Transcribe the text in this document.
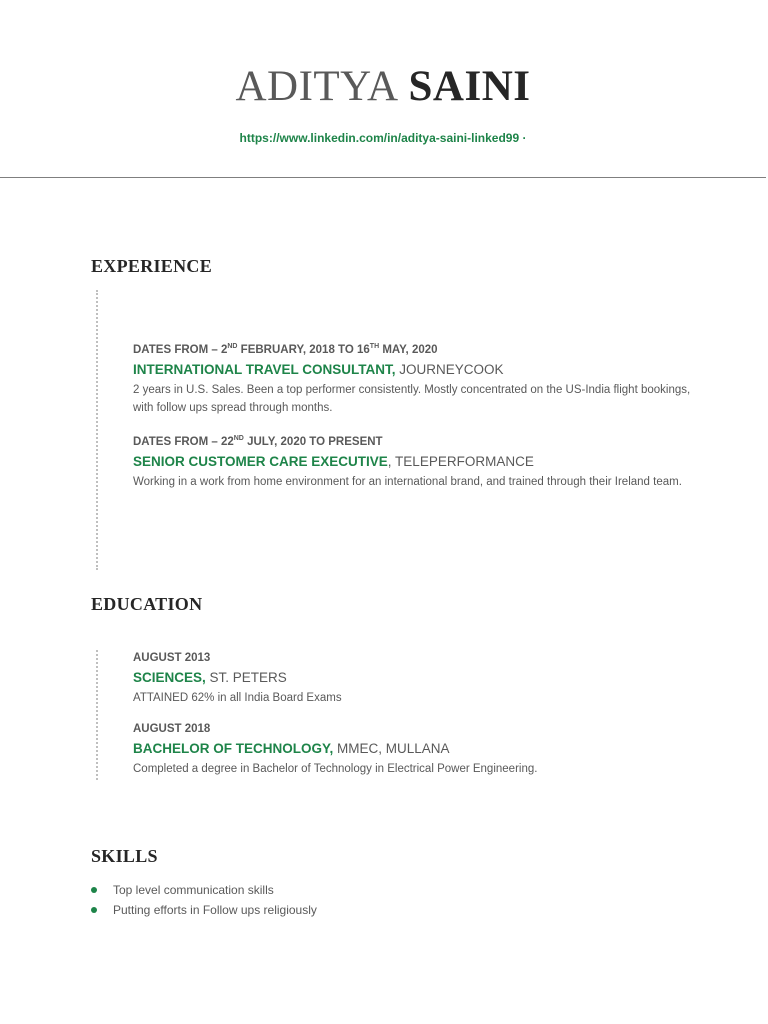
ADITYA SAINI
https://www.linkedin.com/in/aditya-saini-linked99 ·
EXPERIENCE
DATES FROM – 2ND FEBRUARY, 2018 TO 16TH MAY, 2020
INTERNATIONAL TRAVEL CONSULTANT, JOURNEYCOOK
2 years in U.S. Sales. Been a top performer consistently. Mostly concentrated on the US-India flight bookings, with follow ups spread through months.
DATES FROM – 22ND JULY, 2020 TO PRESENT
SENIOR CUSTOMER CARE EXECUTIVE, TELEPERFORMANCE
Working in a work from home environment for an international brand, and trained through their Ireland team.
EDUCATION
AUGUST 2013
SCIENCES, ST. PETERS
ATTAINED 62% in all India Board Exams
AUGUST 2018
BACHELOR OF TECHNOLOGY, MMEC, MULLANA
Completed a degree in Bachelor of Technology in Electrical Power Engineering.
SKILLS
Top level communication skills
Putting efforts in Follow ups religiously
